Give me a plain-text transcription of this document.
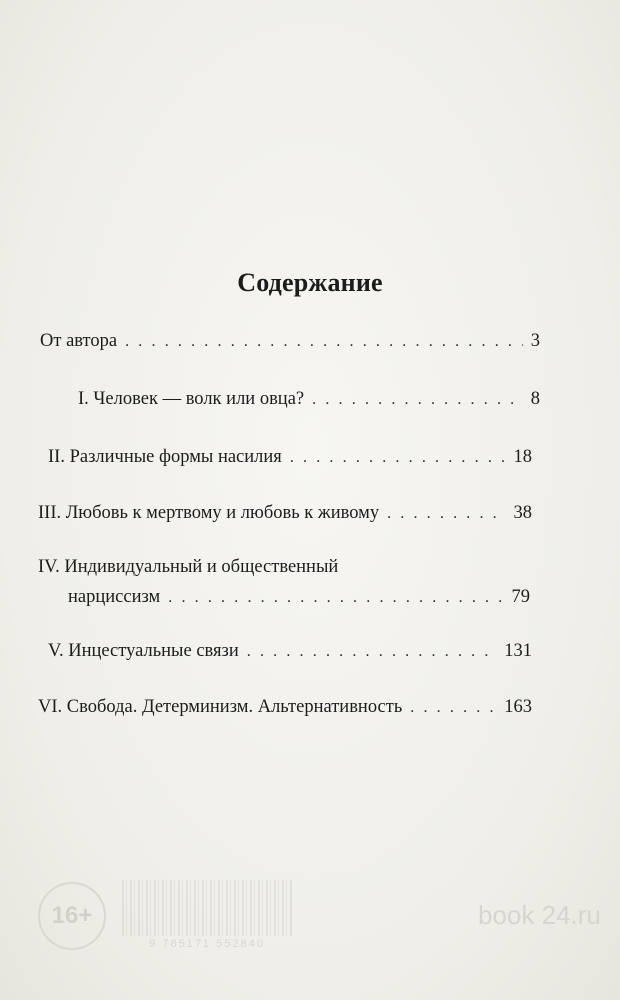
Содержание
От автора . . .	3
I. Человек — волк или овца? . . .	8
II. Различные формы насилия . . .	18
III. Любовь к мертвому и любовь к живому . . .	38
IV. Индивидуальный и общественный
нарциссизм . . .	79
V. Инцестуальные связи . . .	131
VI. Свобода. Детерминизм. Альтернативность . . .	163
16+
9 785171 552840
book 24.ru
